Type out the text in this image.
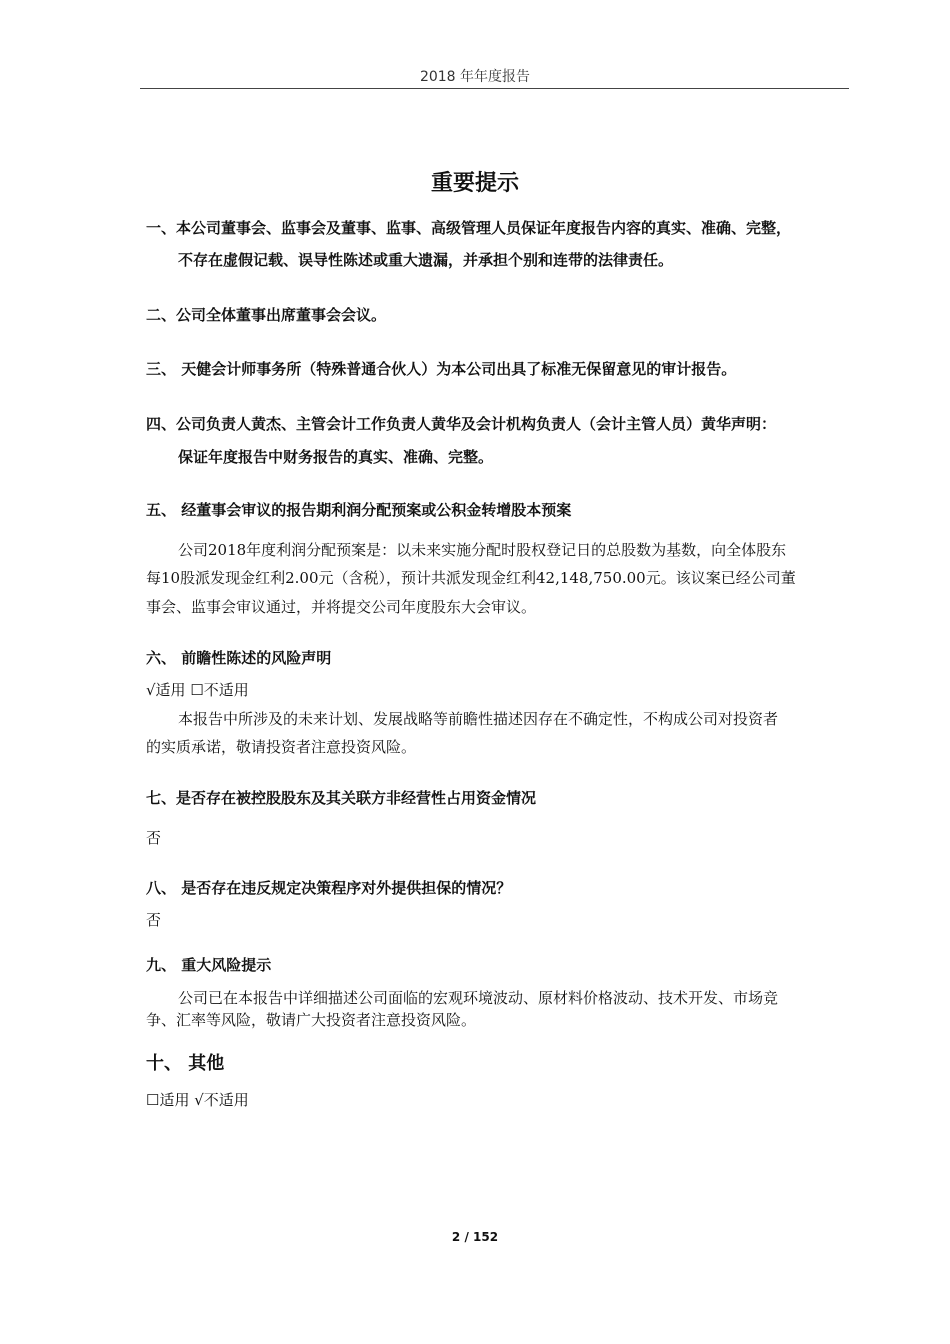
2018 年年度报告
重要提示
一、本公司董事会、监事会及董事、监事、高级管理人员保证年度报告内容的真实、准确、完整，
不存在虚假记载、误导性陈述或重大遗漏，并承担个别和连带的法律责任。
二、公司全体董事出席董事会会议。
三、 天健会计师事务所（特殊普通合伙人）为本公司出具了标准无保留意见的审计报告。
四、公司负责人黄杰、主管会计工作负责人黄华及会计机构负责人（会计主管人员）黄华声明：
保证年度报告中财务报告的真实、准确、完整。
五、 经董事会审议的报告期利润分配预案或公积金转增股本预案
公司2018年度利润分配预案是：以未来实施分配时股权登记日的总股数为基数，向全体股东
每10股派发现金红利2.00元（含税），预计共派发现金红利42,148,750.00元。该议案已经公司董
事会、监事会审议通过，并将提交公司年度股东大会审议。
六、 前瞻性陈述的风险声明
√适用 ☐不适用
本报告中所涉及的未来计划、发展战略等前瞻性描述因存在不确定性，不构成公司对投资者
的实质承诺，敬请投资者注意投资风险。
七、是否存在被控股股东及其关联方非经营性占用资金情况
否
八、 是否存在违反规定决策程序对外提供担保的情况？
否
九、 重大风险提示
公司已在本报告中详细描述公司面临的宏观环境波动、原材料价格波动、技术开发、市场竞
争、汇率等风险，敬请广大投资者注意投资风险。
十、 其他
☐适用 √不适用
2 / 152
